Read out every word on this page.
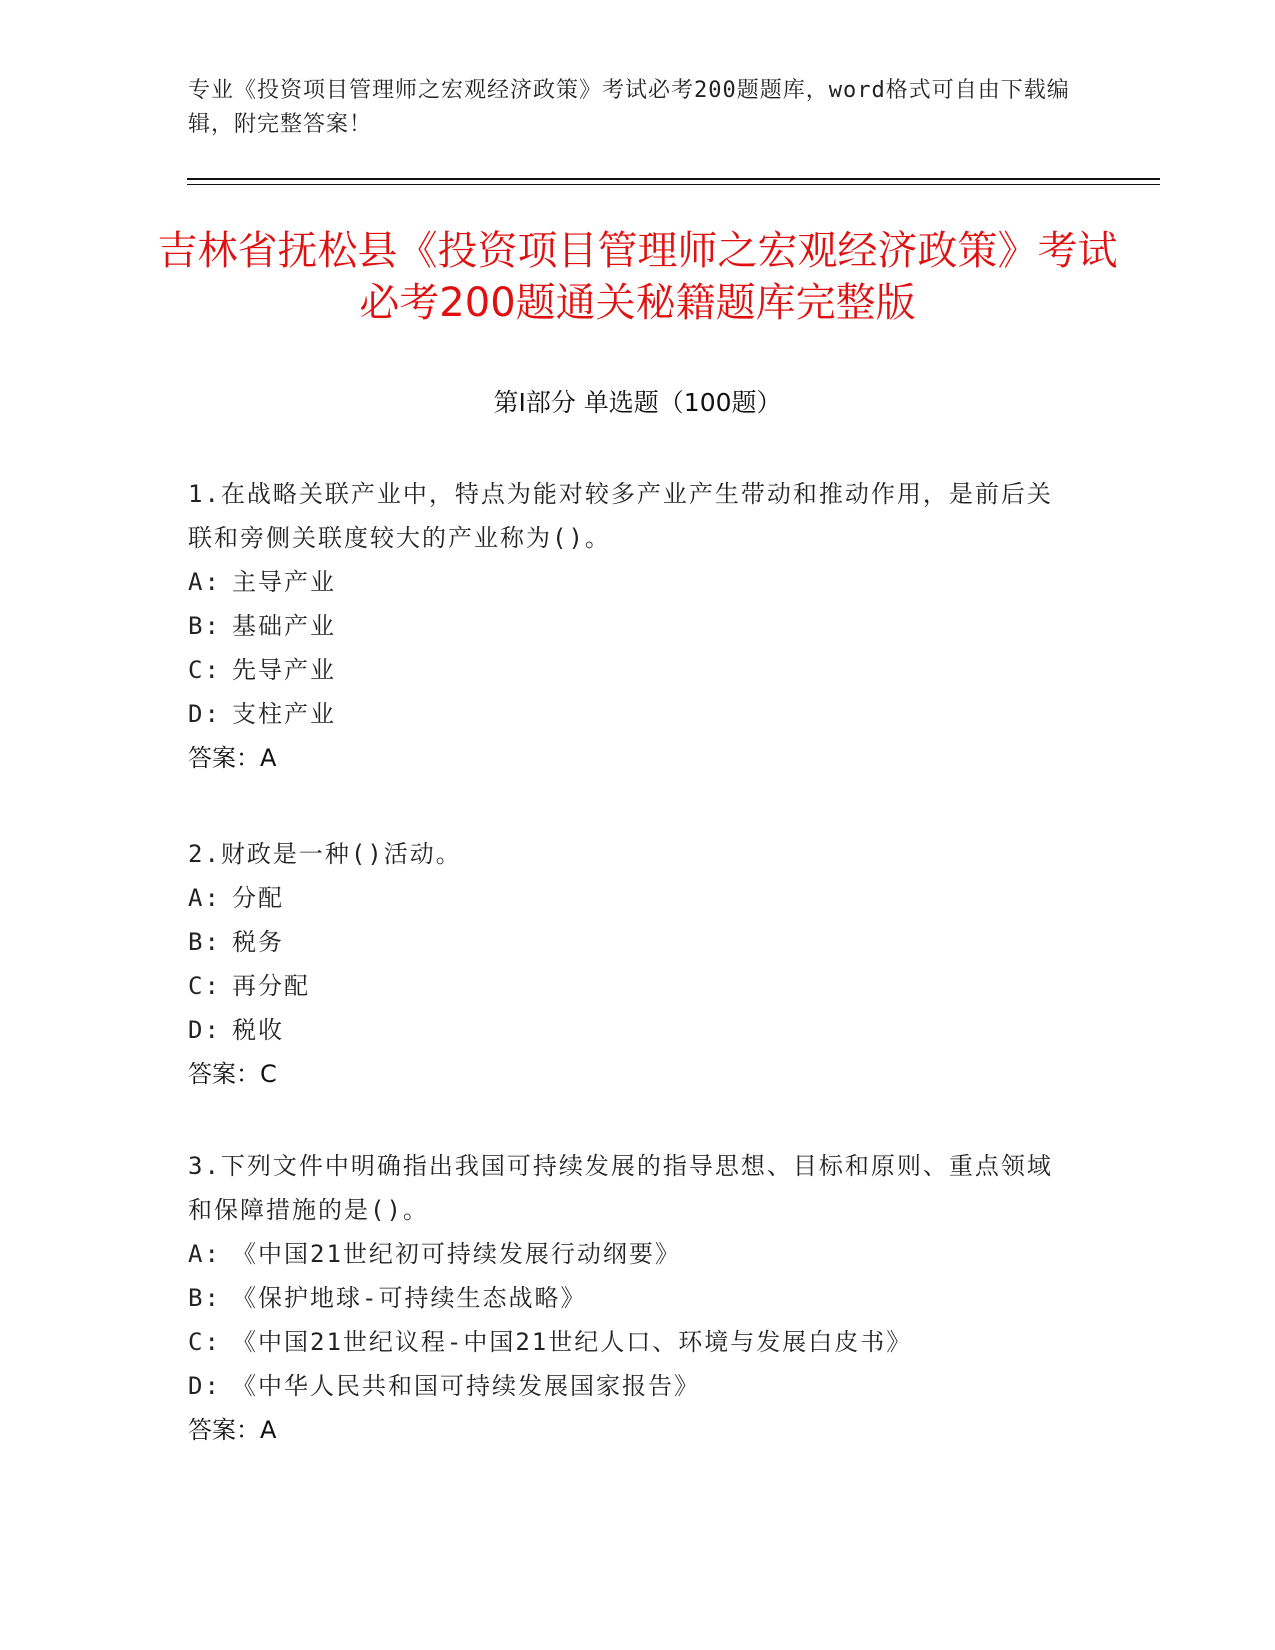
专业《投资项目管理师之宏观经济政策》考试必考200题题库，word格式可自由下载编辑，附完整答案！
吉林省抚松县《投资项目管理师之宏观经济政策》考试必考200题通关秘籍题库完整版
第Ⅰ部分 单选题（100题）
1.在战略关联产业中，特点为能对较多产业产生带动和推动作用，是前后关联和旁侧关联度较大的产业称为()。
A: 主导产业
B: 基础产业
C: 先导产业
D: 支柱产业
答案：A
2.财政是一种()活动。
A: 分配
B: 税务
C: 再分配
D: 税收
答案：C
3.下列文件中明确指出我国可持续发展的指导思想、目标和原则、重点领域和保障措施的是()。
A: 《中国21世纪初可持续发展行动纲要》
B: 《保护地球-可持续生态战略》
C: 《中国21世纪议程-中国21世纪人口、环境与发展白皮书》
D: 《中华人民共和国可持续发展国家报告》
答案：A
